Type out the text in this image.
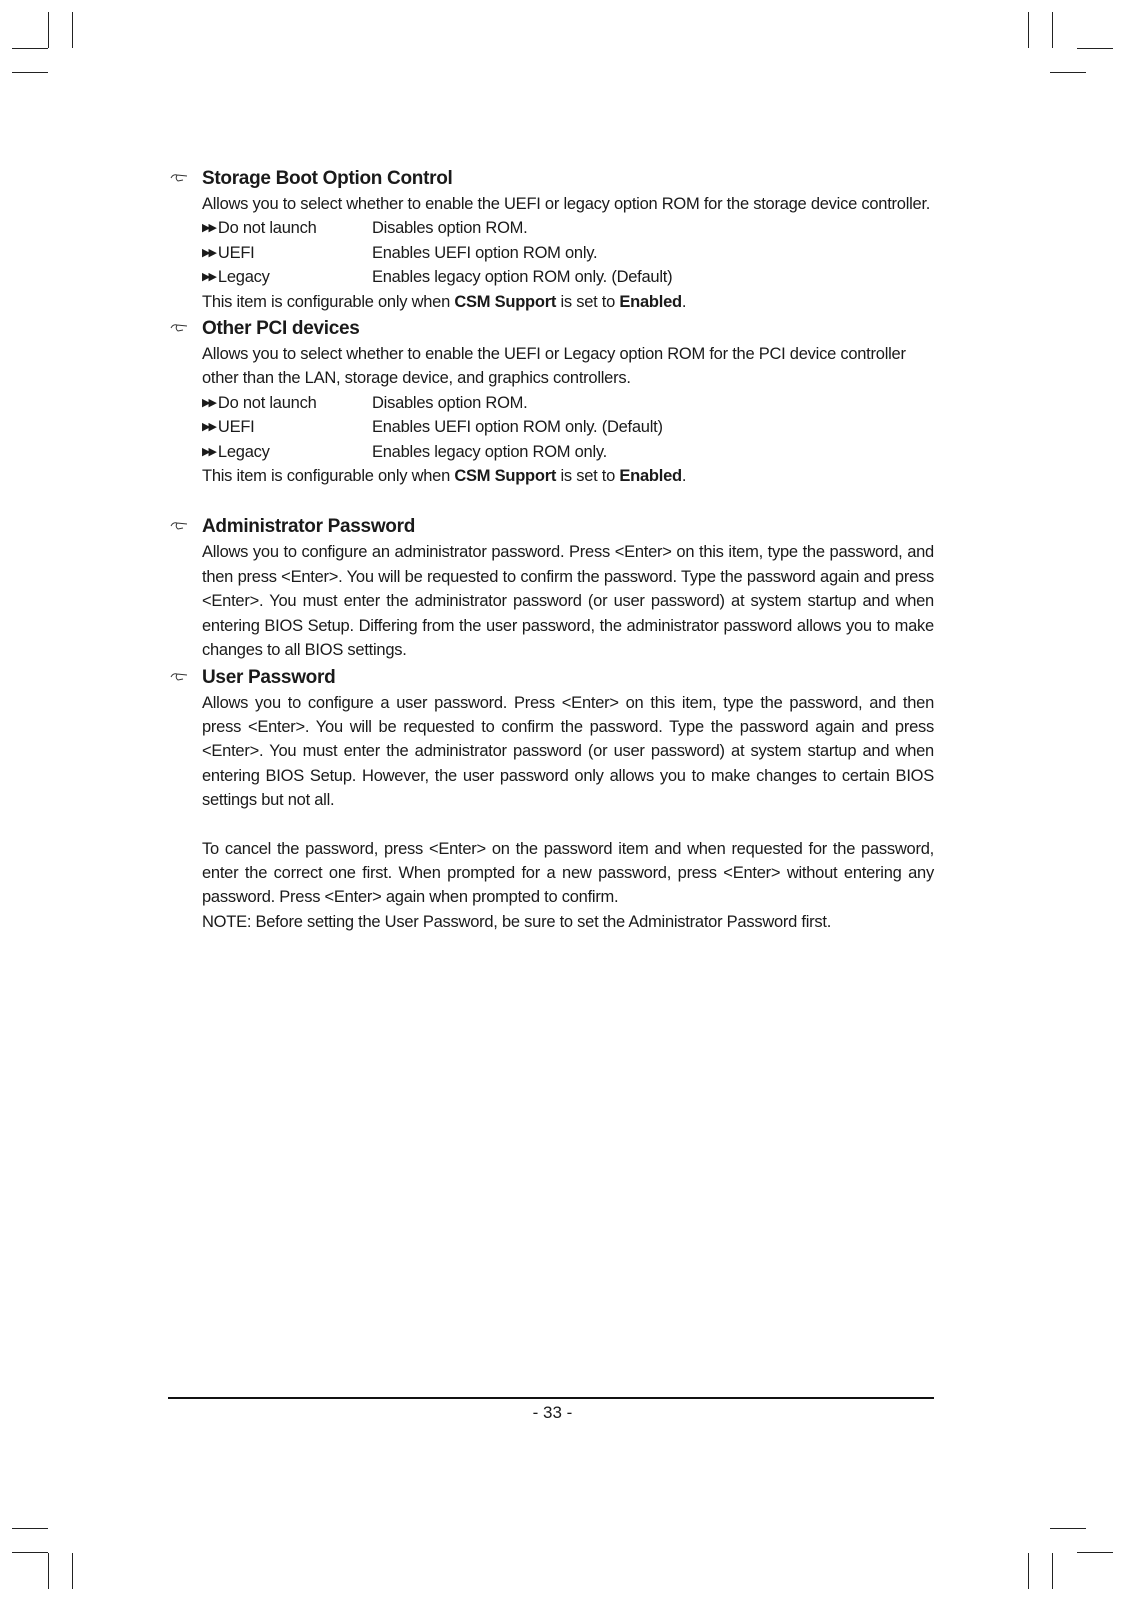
Storage Boot Option Control

Allows you to select whether to enable the UEFI or legacy option ROM for the storage device controller.

▶▶ Do not launch	Disables option ROM.
▶▶ UEFI	Enables UEFI option ROM only.
▶▶ Legacy	Enables legacy option ROM only. (Default)

This item is configurable only when CSM Support is set to Enabled.

Other PCI devices

Allows you to select whether to enable the UEFI or Legacy option ROM for the PCI device controller other than the LAN, storage device, and graphics controllers.

▶▶ Do not launch	Disables option ROM.
▶▶ UEFI	Enables UEFI option ROM only. (Default)
▶▶ Legacy	Enables legacy option ROM only.

This item is configurable only when CSM Support is set to Enabled.

Administrator Password

Allows you to configure an administrator password. Press <Enter> on this item, type the password, and then press <Enter>. You will be requested to confirm the password. Type the password again and press <Enter>. You must enter the administrator password (or user password) at system startup and when entering BIOS Setup. Differing from the user password, the administrator password allows you to make changes to all BIOS settings.

User Password

Allows you to configure a user password. Press <Enter> on this item, type the password, and then press <Enter>. You will be requested to confirm the password. Type the password again and press <Enter>. You must enter the administrator password (or user password) at system startup and when entering BIOS Setup. However, the user password only allows you to make changes to certain BIOS settings but not all.

To cancel the password, press <Enter> on the password item and when requested for the password, enter the correct one first. When prompted for a new password, press <Enter> without entering any password. Press <Enter> again when prompted to confirm.

NOTE: Before setting the User Password, be sure to set the Administrator Password first.

- 33 -
